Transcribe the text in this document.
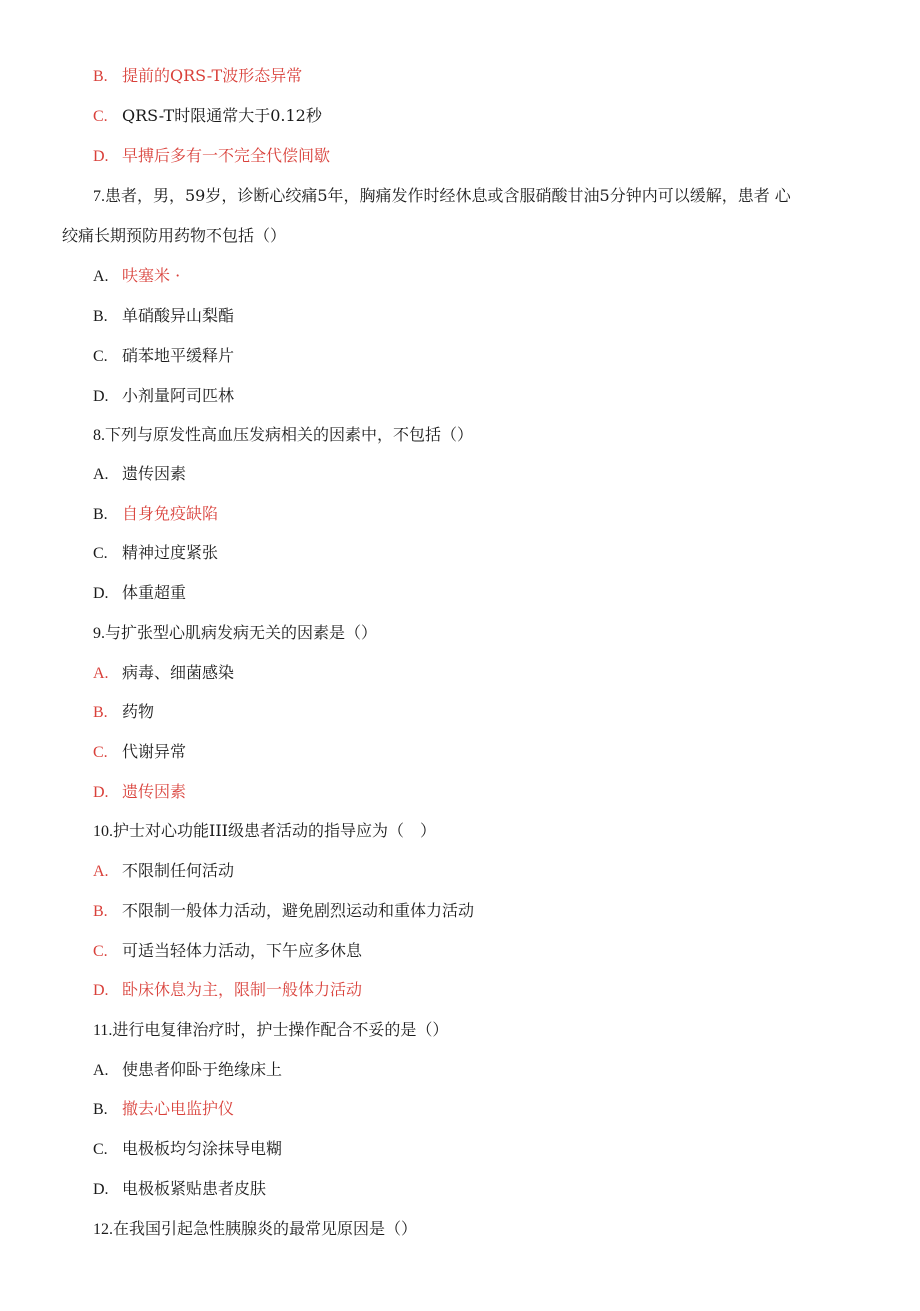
B. 提前的QRS-T波形态异常
C. QRS-T时限通常大于0.12秒
D. 早搏后多有一不完全代偿间歇
7.患者，男，59岁，诊断心绞痛5年，胸痛发作时经休息或含服硝酸甘油5分钟内可以缓解，患者 心
绞痛长期预防用药物不包括（）
A. 呋塞米 ·
B. 单硝酸异山梨酯
C. 硝苯地平缓释片
D. 小剂量阿司匹林
8.下列与原发性高血压发病相关的因素中，不包括（）
A. 遗传因素
B. 自身免疫缺陷
C. 精神过度紧张
D. 体重超重
9.与扩张型心肌病发病无关的因素是（）
A. 病毒、细菌感染
B. 药物
C. 代谢异常
D. 遗传因素
10.护士对心功能III级患者活动的指导应为（　）
A. 不限制任何活动
B. 不限制一般体力活动，避免剧烈运动和重体力活动
C. 可适当轻体力活动，下午应多休息
D. 卧床休息为主，限制一般体力活动
11.进行电复律治疗时，护士操作配合不妥的是（）
A. 使患者仰卧于绝缘床上
B. 撤去心电监护仪
C. 电极板均匀涂抹导电糊
D. 电极板紧贴患者皮肤
12.在我国引起急性胰腺炎的最常见原因是（）
